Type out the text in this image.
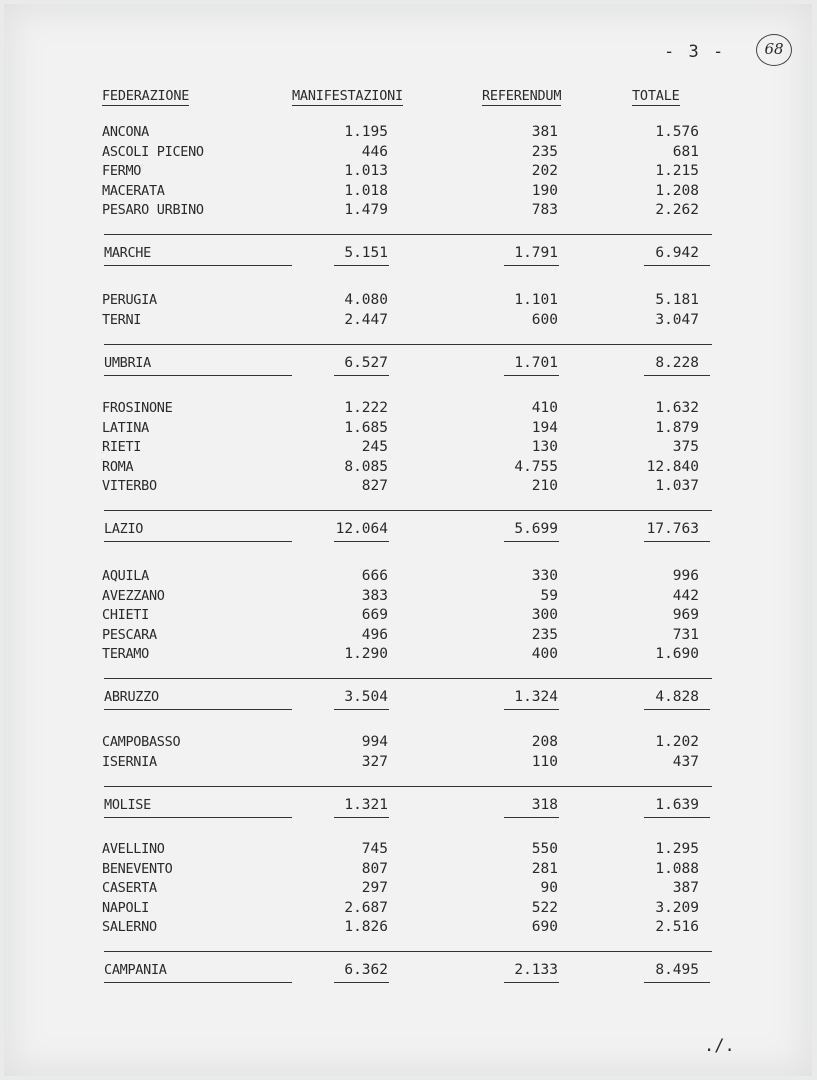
- 3 -	68
FEDERAZIONE	MANIFESTAZIONI	REFERENDUM	TOTALE
ANCONA	1.195	381	1.576
ASCOLI PICENO	446	235	681
FERMO	1.013	202	1.215
MACERATA	1.018	190	1.208
PESARO URBINO	1.479	783	2.262
MARCHE	5.151	1.791	6.942
PERUGIA	4.080	1.101	5.181
TERNI	2.447	600	3.047
UMBRIA	6.527	1.701	8.228
FROSINONE	1.222	410	1.632
LATINA	1.685	194	1.879
RIETI	245	130	375
ROMA	8.085	4.755	12.840
VITERBO	827	210	1.037
LAZIO	12.064	5.699	17.763
AQUILA	666	330	996
AVEZZANO	383	59	442
CHIETI	669	300	969
PESCARA	496	235	731
TERAMO	1.290	400	1.690
ABRUZZO	3.504	1.324	4.828
CAMPOBASSO	994	208	1.202
ISERNIA	327	110	437
MOLISE	1.321	318	1.639
AVELLINO	745	550	1.295
BENEVENTO	807	281	1.088
CASERTA	297	90	387
NAPOLI	2.687	522	3.209
SALERNO	1.826	690	2.516
CAMPANIA	6.362	2.133	8.495
./.
